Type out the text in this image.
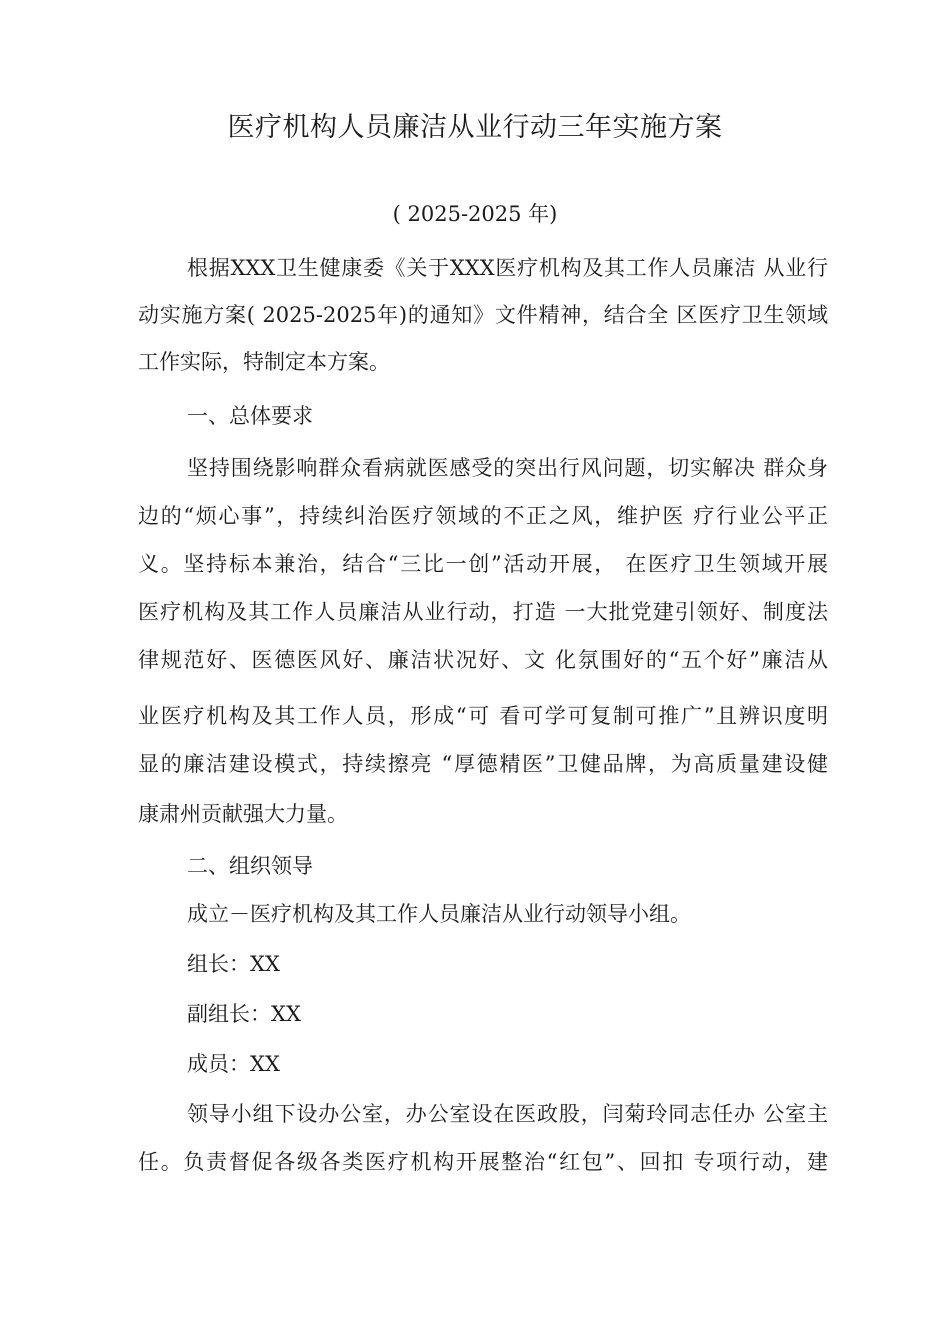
医疗机构人员廉洁从业行动三年实施方案
( 2025-2025 年)
根据XXX卫生健康委《关于XXX医疗机构及其工作人员廉洁 从业行
动实施方案( 2025-2025年)的通知》文件精神，结合全 区医疗卫生领域
工作实际，特制定本方案。
一、总体要求
坚持围绕影响群众看病就医感受的突出行风问题，切实解决 群众身
边的“烦心事”，持续纠治医疗领域的不正之风，维护医 疗行业公平正
义。坚持标本兼治，结合“三比一创”活动开展， 在医疗卫生领域开展
医疗机构及其工作人员廉洁从业行动，打造 一大批党建引领好、制度法
律规范好、医德医风好、廉洁状况好、文 化氛围好的“五个好”廉洁从
业医疗机构及其工作人员，形成“可 看可学可复制可推广”且辨识度明
显的廉洁建设模式，持续擦亮 “厚德精医”卫健品牌，为高质量建设健
康肃州贡献强大力量。
二、组织领导
成立－医疗机构及其工作人员廉洁从业行动领导小组。
组长：XX
副组长：XX
成员：XX
领导小组下设办公室，办公室设在医政股，闫菊玲同志任办 公室主
任。负责督促各级各类医疗机构开展整治“红包”、回扣 专项行动，建
